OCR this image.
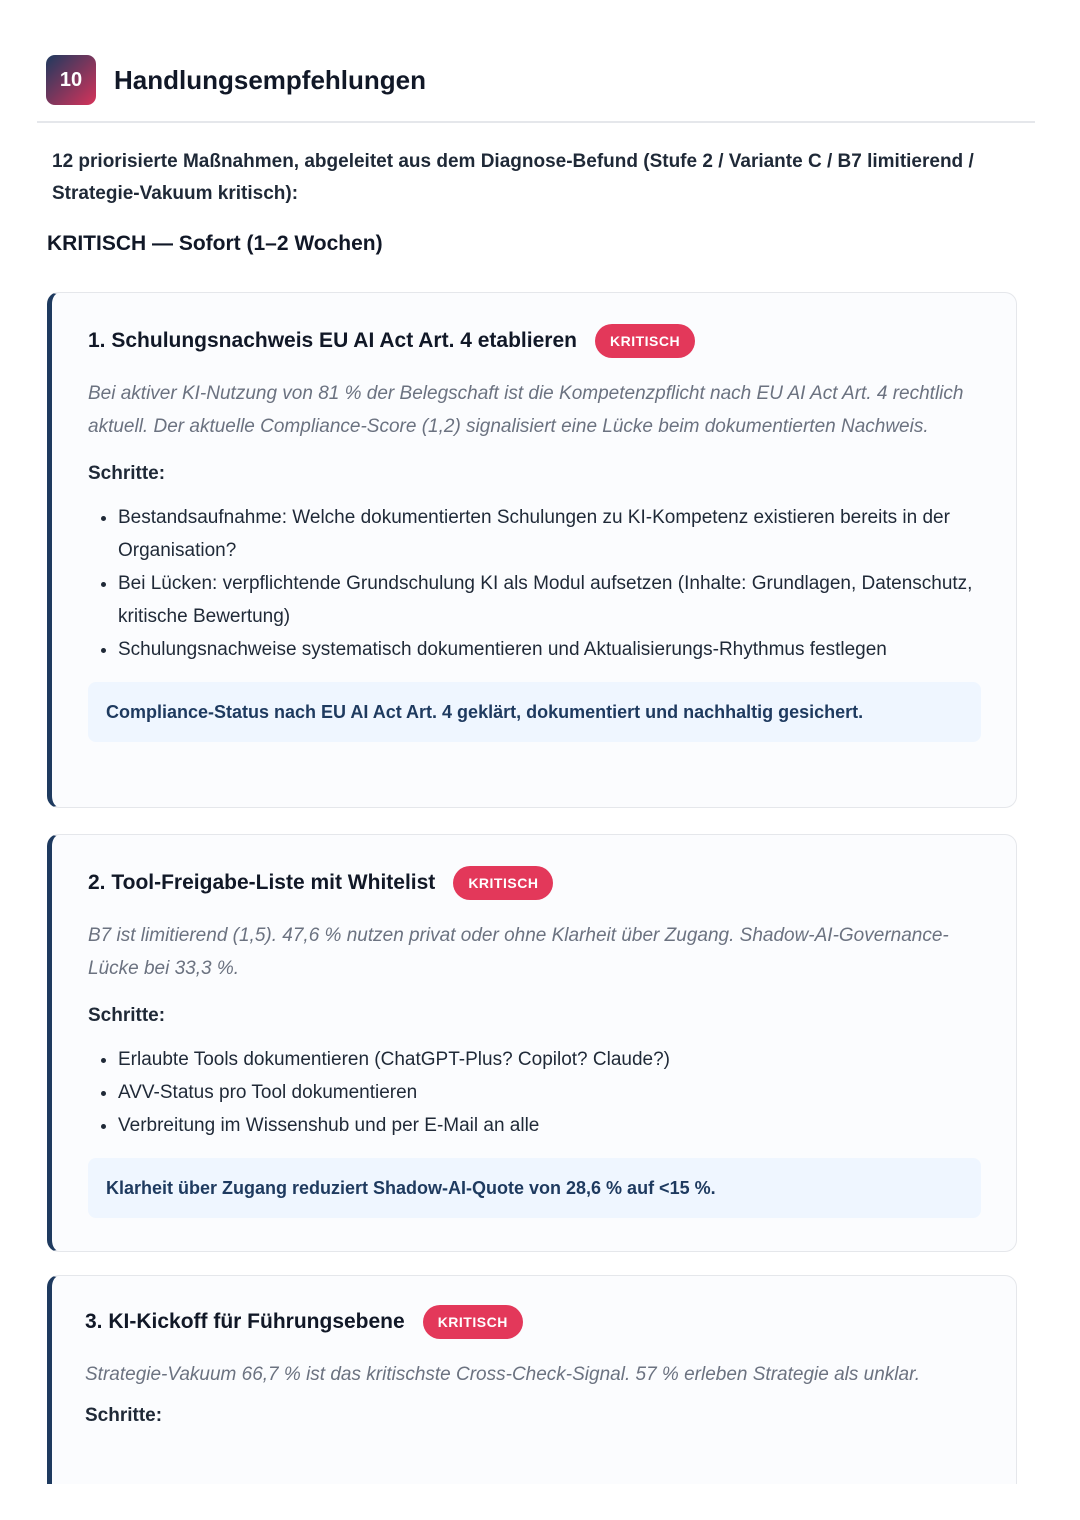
10	Handlungsempfehlungen
12 priorisierte Maßnahmen, abgeleitet aus dem Diagnose-Befund (Stufe 2 / Variante C / B7 limitierend / Strategie-Vakuum kritisch):
KRITISCH — Sofort (1–2 Wochen)
1. Schulungsnachweis EU AI Act Art. 4 etablieren	KRITISCH
Bei aktiver KI-Nutzung von 81 % der Belegschaft ist die Kompetenzpflicht nach EU AI Act Art. 4 rechtlich aktuell. Der aktuelle Compliance-Score (1,2) signalisiert eine Lücke beim dokumentierten Nachweis.
Schritte:
• Bestandsaufnahme: Welche dokumentierten Schulungen zu KI-Kompetenz existieren bereits in der Organisation?
• Bei Lücken: verpflichtende Grundschulung KI als Modul aufsetzen (Inhalte: Grundlagen, Datenschutz, kritische Bewertung)
• Schulungsnachweise systematisch dokumentieren und Aktualisierungs-Rhythmus festlegen
Compliance-Status nach EU AI Act Art. 4 geklärt, dokumentiert und nachhaltig gesichert.
2. Tool-Freigabe-Liste mit Whitelist	KRITISCH
B7 ist limitierend (1,5). 47,6 % nutzen privat oder ohne Klarheit über Zugang. Shadow-AI-Governance-Lücke bei 33,3 %.
Schritte:
• Erlaubte Tools dokumentieren (ChatGPT-Plus? Copilot? Claude?)
• AVV-Status pro Tool dokumentieren
• Verbreitung im Wissenshub und per E-Mail an alle
Klarheit über Zugang reduziert Shadow-AI-Quote von 28,6 % auf <15 %.
3. KI-Kickoff für Führungsebene	KRITISCH
Strategie-Vakuum 66,7 % ist das kritischste Cross-Check-Signal. 57 % erleben Strategie als unklar.
Schritte:
